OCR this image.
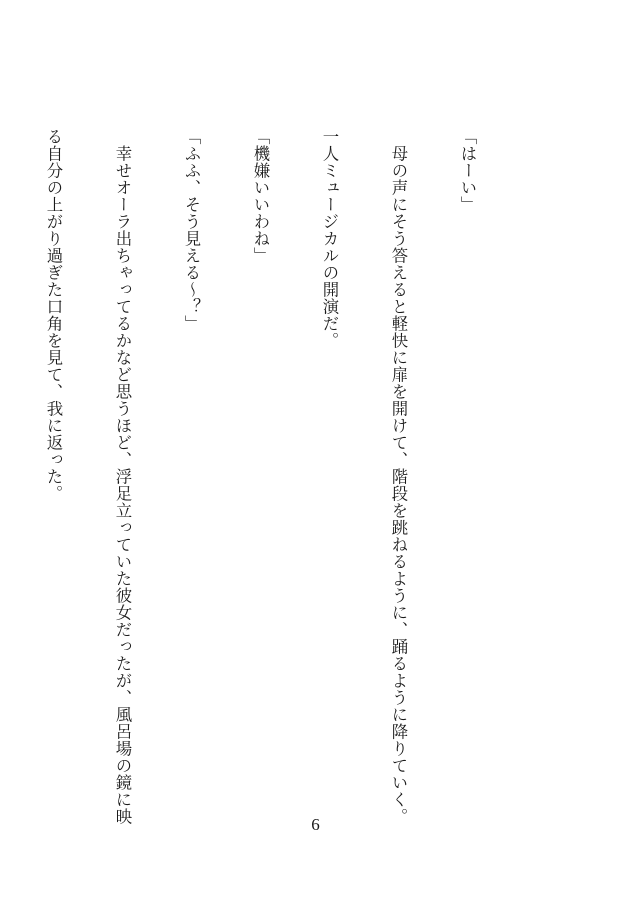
「はーい」

　母の声にそう答えると軽快に扉を開けて、階段を跳ねるように、踊るように降りていく。

一人ミュージカルの開演だ。

「機嫌いいわね」

「ふふ、そう見える〜？」

　幸せオーラ出ちゃってるかなど思うほど、浮足立っていた彼女だったが、風呂場の鏡に映

る自分の上がり過ぎた口角を見て、我に返った。

6
